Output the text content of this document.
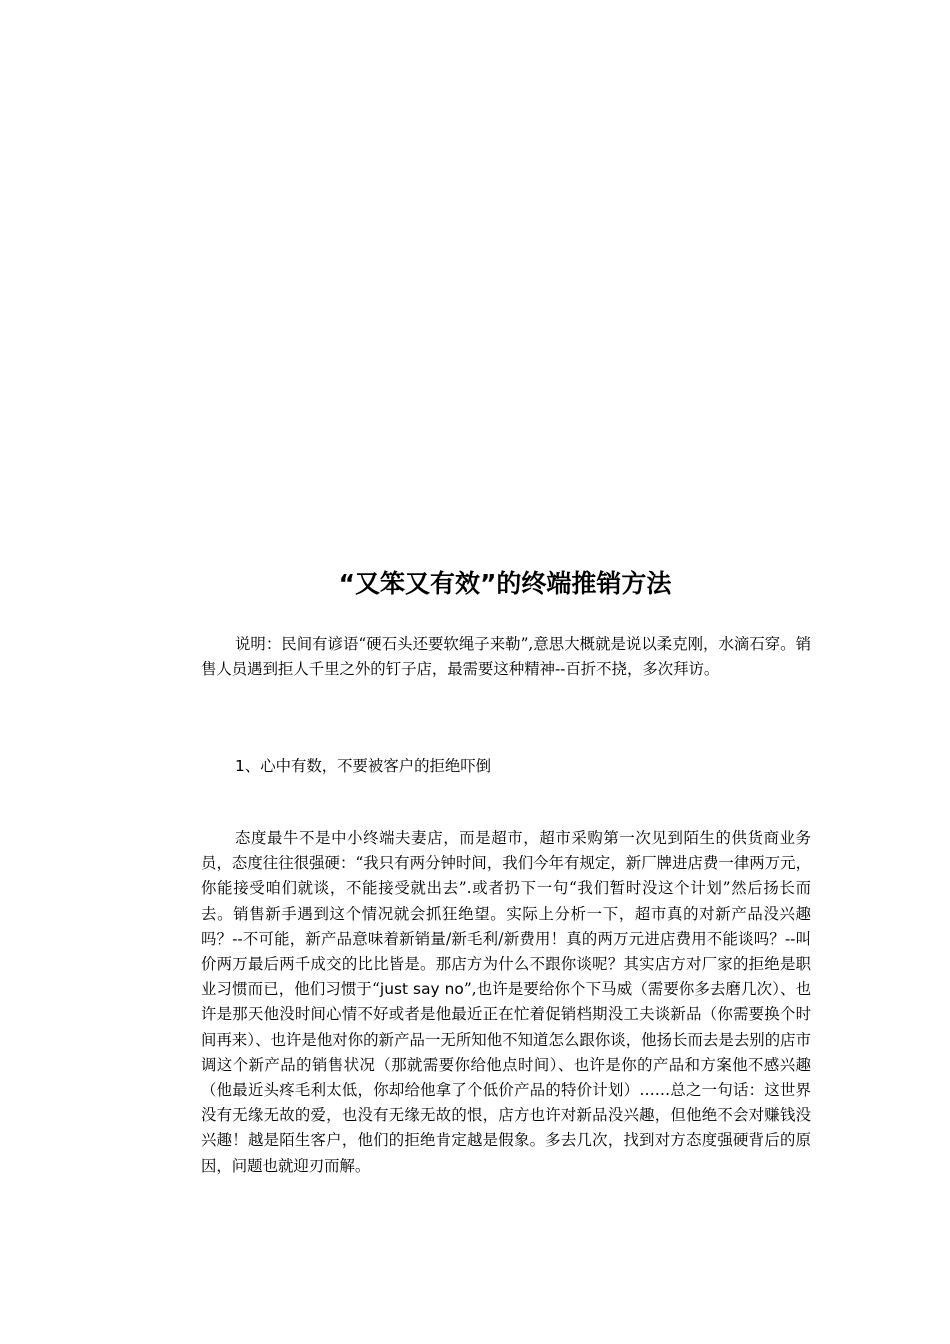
“又笨又有效”的终端推销方法

说明：民间有谚语“硬石头还要软绳子来勒”,意思大概就是说以柔克刚，水滴石穿。销售人员遇到拒人千里之外的钉子店，最需要这种精神--百折不挠，多次拜访。

1、心中有数，不要被客户的拒绝吓倒

态度最牛不是中小终端夫妻店，而是超市，超市采购第一次见到陌生的供货商业务员，态度往往很强硬：“我只有两分钟时间，我们今年有规定，新厂牌进店费一律两万元，你能接受咱们就谈，不能接受就出去”.或者扔下一句“我们暂时没这个计划”然后扬长而去。销售新手遇到这个情况就会抓狂绝望。实际上分析一下，超市真的对新产品没兴趣吗？--不可能，新产品意味着新销量/新毛利/新费用！真的两万元进店费用不能谈吗？--叫价两万最后两千成交的比比皆是。那店方为什么不跟你谈呢？其实店方对厂家的拒绝是职业习惯而已，他们习惯于“just say no”,也许是要给你个下马威（需要你多去磨几次）、也许是那天他没时间心情不好或者是他最近正在忙着促销档期没工夫谈新品（你需要换个时间再来）、也许是他对你的新产品一无所知他不知道怎么跟你谈，他扬长而去是去别的店市调这个新产品的销售状况（那就需要你给他点时间）、也许是你的产品和方案他不感兴趣（他最近头疼毛利太低，你却给他拿了个低价产品的特价计划）……总之一句话：这世界没有无缘无故的爱，也没有无缘无故的恨，店方也许对新品没兴趣，但他绝不会对赚钱没兴趣！越是陌生客户，他们的拒绝肯定越是假象。多去几次，找到对方态度强硬背后的原因，问题也就迎刃而解。
